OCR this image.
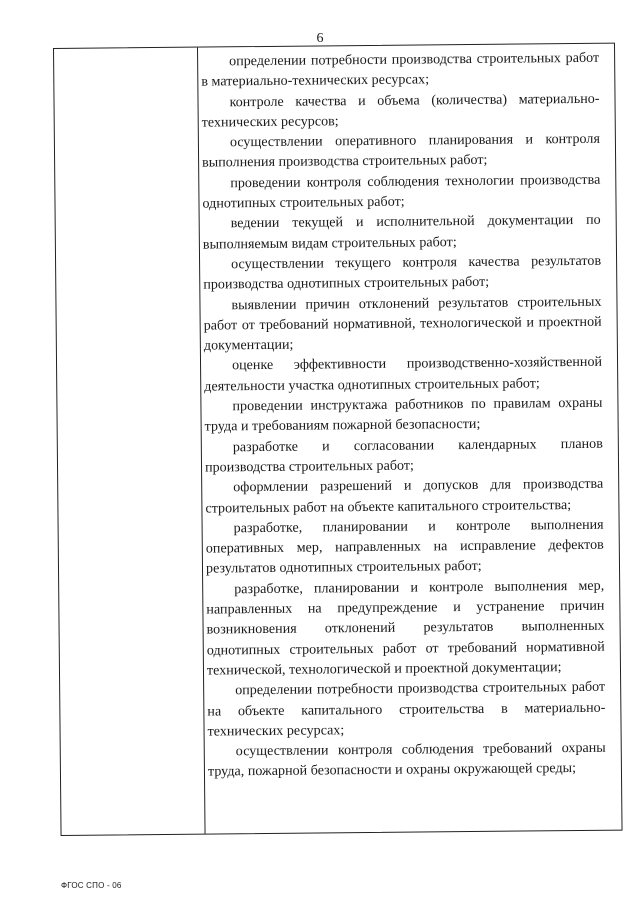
6

определении потребности производства строительных работ в материально-технических ресурсах;

контроле качества и объема (количества) материально-технических ресурсов;

осуществлении оперативного планирования и контроля выполнения производства строительных работ;

проведении контроля соблюдения технологии производства однотипных строительных работ;

ведении текущей и исполнительной документации по выполняемым видам строительных работ;

осуществлении текущего контроля качества результатов производства однотипных строительных работ;

выявлении причин отклонений результатов строительных работ от требований нормативной, технологической и проектной документации;

оценке эффективности производственно-хозяйственной деятельности участка однотипных строительных работ;

проведении инструктажа работников по правилам охраны труда и требованиям пожарной безопасности;

разработке и согласовании календарных планов производства строительных работ;

оформлении разрешений и допусков для производства строительных работ на объекте капитального строительства;

разработке, планировании и контроле выполнения оперативных мер, направленных на исправление дефектов результатов однотипных строительных работ;

разработке, планировании и контроле выполнения мер, направленных на предупреждение и устранение причин возникновения отклонений результатов выполненных однотипных строительных работ от требований нормативной технической, технологической и проектной документации;

определении потребности производства строительных работ на объекте капитального строительства в материально-технических ресурсах;

осуществлении контроля соблюдения требований охраны труда, пожарной безопасности и охраны окружающей среды;

ФГОС СПО - 06
